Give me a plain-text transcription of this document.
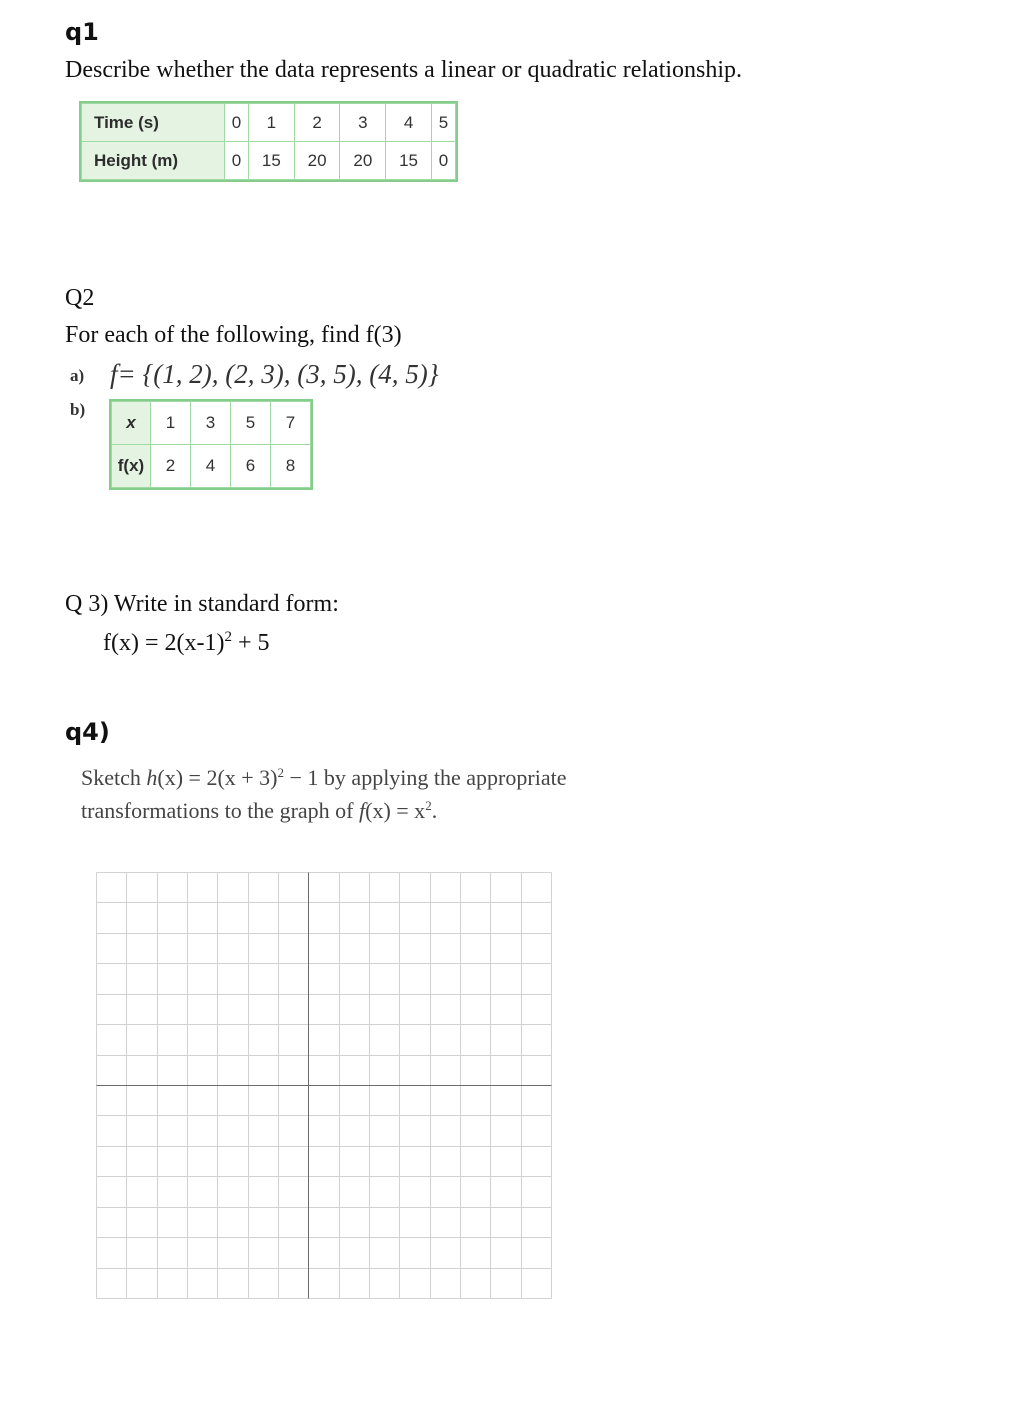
q1
Describe whether the data represents a linear or quadratic relationship.
Time (s)	0	1	2	3	4	5
Height (m)	0	15	20	20	15	0
Q2
For each of the following, find f(3)
a) f= {(1, 2), (2, 3), (3, 5), (4, 5)}
b)
x	1	3	5	7
f(x)	2	4	6	8
Q 3) Write in standard form:
$f(x) = 2(x-1)^2 + 5$
q4)
Sketch $h(x) = 2(x + 3)^2 - 1$ by applying the appropriate
transformations to the graph of $f(x) = x^2$.
